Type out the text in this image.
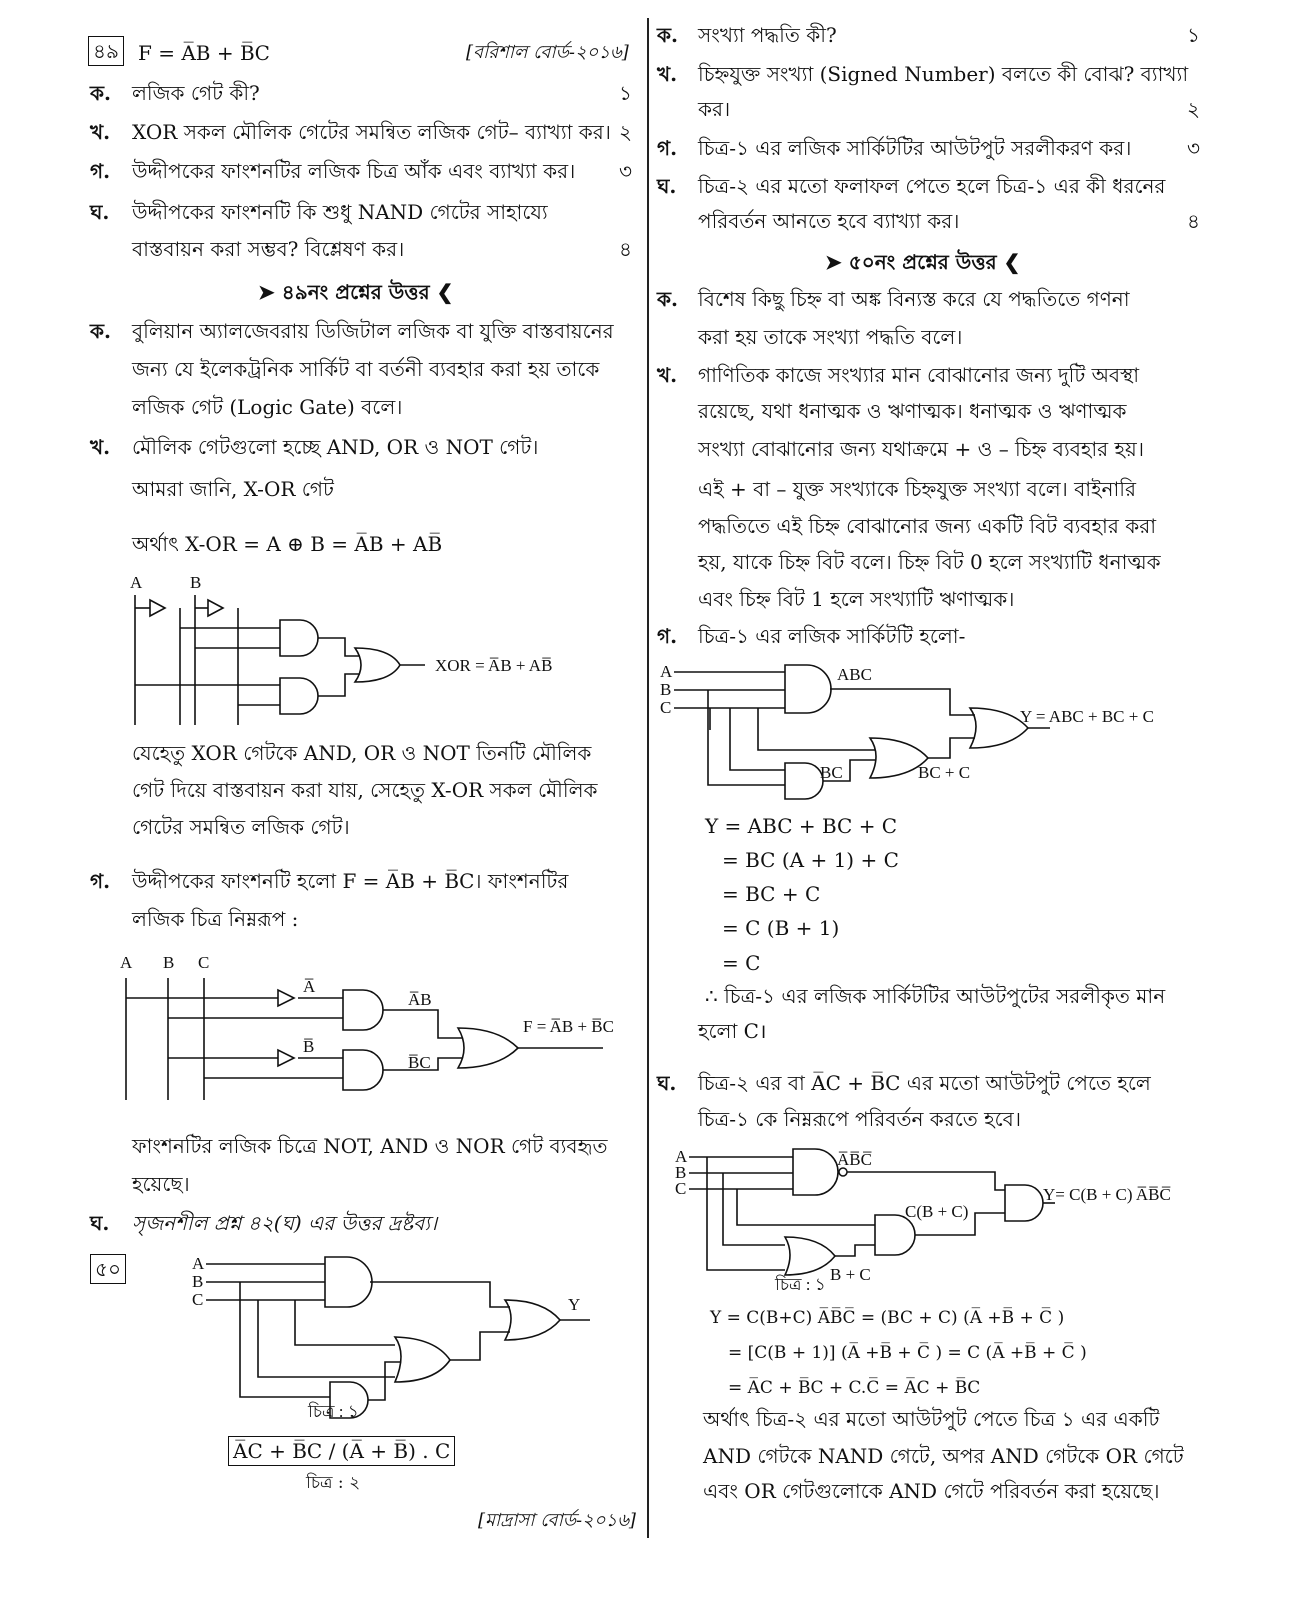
৪৯ F = A̅B + B̅C	[বরিশাল বোর্ড-২০১৬]
ক. লজিক গেট কী?	১
খ. XOR সকল মৌলিক গেটের সমন্বিত লজিক গেট– ব্যাখ্যা কর। ২
গ. উদ্দীপকের ফাংশনটির লজিক চিত্র আঁক এবং ব্যাখ্যা কর।	৩
ঘ. উদ্দীপকের ফাংশনটি কি শুধু NAND গেটের সাহায্যে
বাস্তবায়ন করা সম্ভব? বিশ্লেষণ কর।	৪
➤ ৪৯নং প্রশ্নের উত্তর ❮
ক. বুলিয়ান অ্যালজেবরায় ডিজিটাল লজিক বা যুক্তি বাস্তবায়নের
জন্য যে ইলেকট্রনিক সার্কিট বা বর্তনী ব্যবহার করা হয় তাকে
লজিক গেট (Logic Gate) বলে।
খ. মৌলিক গেটগুলো হচ্ছে AND, OR ও NOT গেট।
আমরা জানি, X-OR গেট
অর্থাৎ X-OR = A ⊕ B = A̅B + AB̅
A	B
XOR = A̅B + AB̅
যেহেতু XOR গেটকে AND, OR ও NOT তিনটি মৌলিক
গেট দিয়ে বাস্তবায়ন করা যায়, সেহেতু X-OR সকল মৌলিক
গেটের সমন্বিত লজিক গেট।
গ. উদ্দীপকের ফাংশনটি হলো F = A̅B + B̅C। ফাংশনটির
লজিক চিত্র নিম্নরূপ :
A B C
A̅
B̅
A̅B
B̅C
F = A̅B + B̅C
ফাংশনটির লজিক চিত্রে NOT, AND ও NOR গেট ব্যবহৃত
হয়েছে।
ঘ. সৃজনশীল প্রশ্ন ৪২(ঘ) এর উত্তর দ্রষ্টব্য।
৫০	A
B
C	Y
চিত্র : ১
A̅C + B̅C / (A̅ + B̅) . C
চিত্র : ২
[মাদ্রাসা বোর্ড-২০১৬]
ক. সংখ্যা পদ্ধতি কী?	১
খ. চিহ্নযুক্ত সংখ্যা (Signed Number) বলতে কী বোঝ? ব্যাখ্যা
কর।	২
গ. চিত্র-১ এর লজিক সার্কিটটির আউটপুট সরলীকরণ কর।	৩
ঘ. চিত্র-২ এর মতো ফলাফল পেতে হলে চিত্র-১ এর কী ধরনের
পরিবর্তন আনতে হবে ব্যাখ্যা কর।	৪
➤ ৫০নং প্রশ্নের উত্তর ❮
ক. বিশেষ কিছু চিহ্ন বা অঙ্ক বিন্যস্ত করে যে পদ্ধতিতে গণনা
করা হয় তাকে সংখ্যা পদ্ধতি বলে।
খ. গাণিতিক কাজে সংখ্যার মান বোঝানোর জন্য দুটি অবস্থা
রয়েছে, যথা ধনাত্মক ও ঋণাত্মক। ধনাত্মক ও ঋণাত্মক
সংখ্যা বোঝানোর জন্য যথাক্রমে + ও – চিহ্ন ব্যবহার হয়।
এই + বা – যুক্ত সংখ্যাকে চিহ্নযুক্ত সংখ্যা বলে। বাইনারি
পদ্ধতিতে এই চিহ্ন বোঝানোর জন্য একটি বিট ব্যবহার করা
হয়, যাকে চিহ্ন বিট বলে। চিহ্ন বিট 0 হলে সংখ্যাটি ধনাত্মক
এবং চিহ্ন বিট 1 হলে সংখ্যাটি ঋণাত্মক।
গ. চিত্র-১ এর লজিক সার্কিটটি হলো-
A
B
C
ABC
BC	BC + C
Y = ABC + BC + C
Y = ABC + BC + C
= BC (A + 1) + C
= BC + C
= C (B + 1)
= C
∴ চিত্র-১ এর লজিক সার্কিটটির আউটপুটের সরলীকৃত মান
হলো C।
ঘ. চিত্র-২ এর বা A̅C + B̅C এর মতো আউটপুট পেতে হলে
চিত্র-১ কে নিম্নরূপে পরিবর্তন করতে হবে।
A
B
C
A̅B̅C̅
B + C
C(B + C)
Y= C(B + C) A̅B̅C̅
চিত্র : ১
Y = C(B+C) A̅B̅C̅ = (BC + C) (A̅ +B̅ + C̅ )
= [C(B + 1)] (A̅ +B̅ + C̅ ) = C (A̅ +B̅ + C̅ )
= A̅C + B̅C + C.C̅ = A̅C + B̅C
অর্থাৎ চিত্র-২ এর মতো আউটপুট পেতে চিত্র ১ এর একটি
AND গেটকে NAND গেটে, অপর AND গেটকে OR গেটে
এবং OR গেটগুলোকে AND গেটে পরিবর্তন করা হয়েছে।
